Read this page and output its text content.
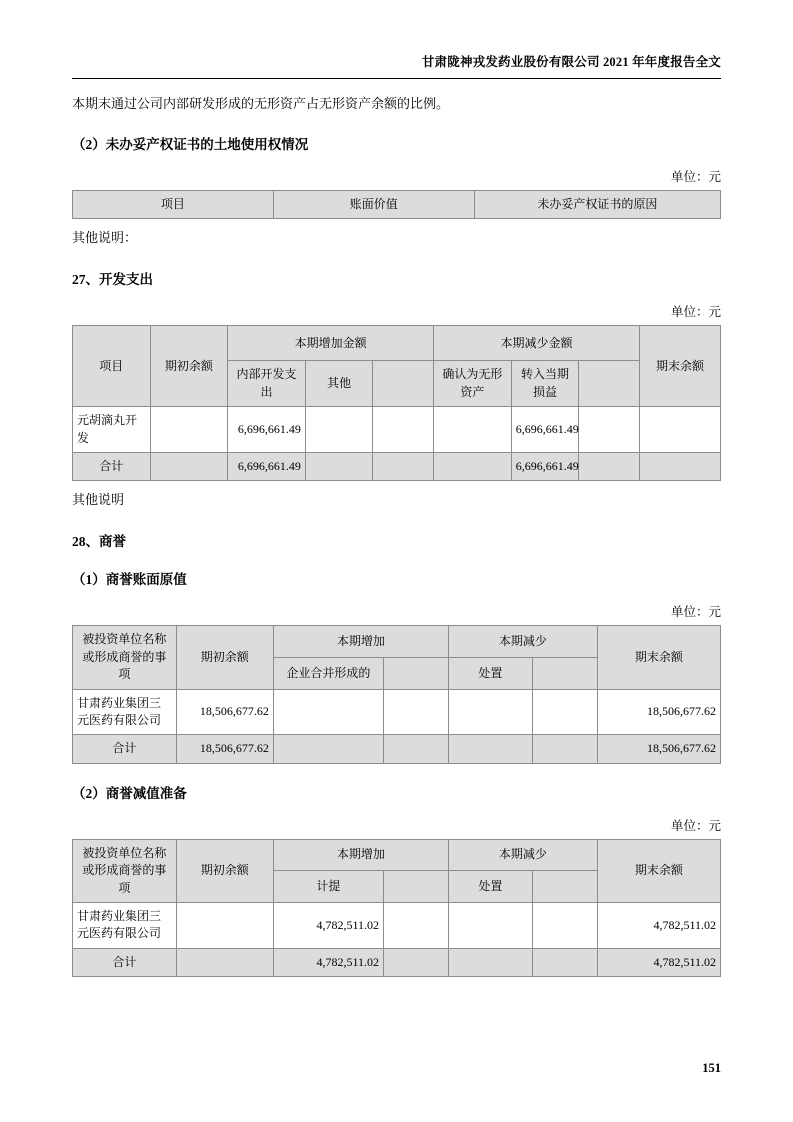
甘肃陇神戎发药业股份有限公司 2021 年年度报告全文
本期末通过公司内部研发形成的无形资产占无形资产余额的比例。
（2）未办妥产权证书的土地使用权情况
单位：元
项目	账面价值	未办妥产权证书的原因
其他说明：
27、开发支出
单位：元
项目	期初余额	本期增加金额			本期减少金额			期末余额
		内部开发支出	其他		确认为无形资产	转入当期损益		
元胡滴丸开发		6,696,661.49				6,696,661.49		
合计		6,696,661.49				6,696,661.49		
其他说明
28、商誉
（1）商誉账面原值
单位：元
被投资单位名称或形成商誉的事项	期初余额	本期增加		本期减少		期末余额
		企业合并形成的		处置		
甘肃药业集团三元医药有限公司	18,506,677.62					18,506,677.62
合计	18,506,677.62					18,506,677.62
（2）商誉减值准备
单位：元
被投资单位名称或形成商誉的事项	期初余额	本期增加		本期减少		期末余额
		计提		处置		
甘肃药业集团三元医药有限公司		4,782,511.02				4,782,511.02
合计		4,782,511.02				4,782,511.02
151
